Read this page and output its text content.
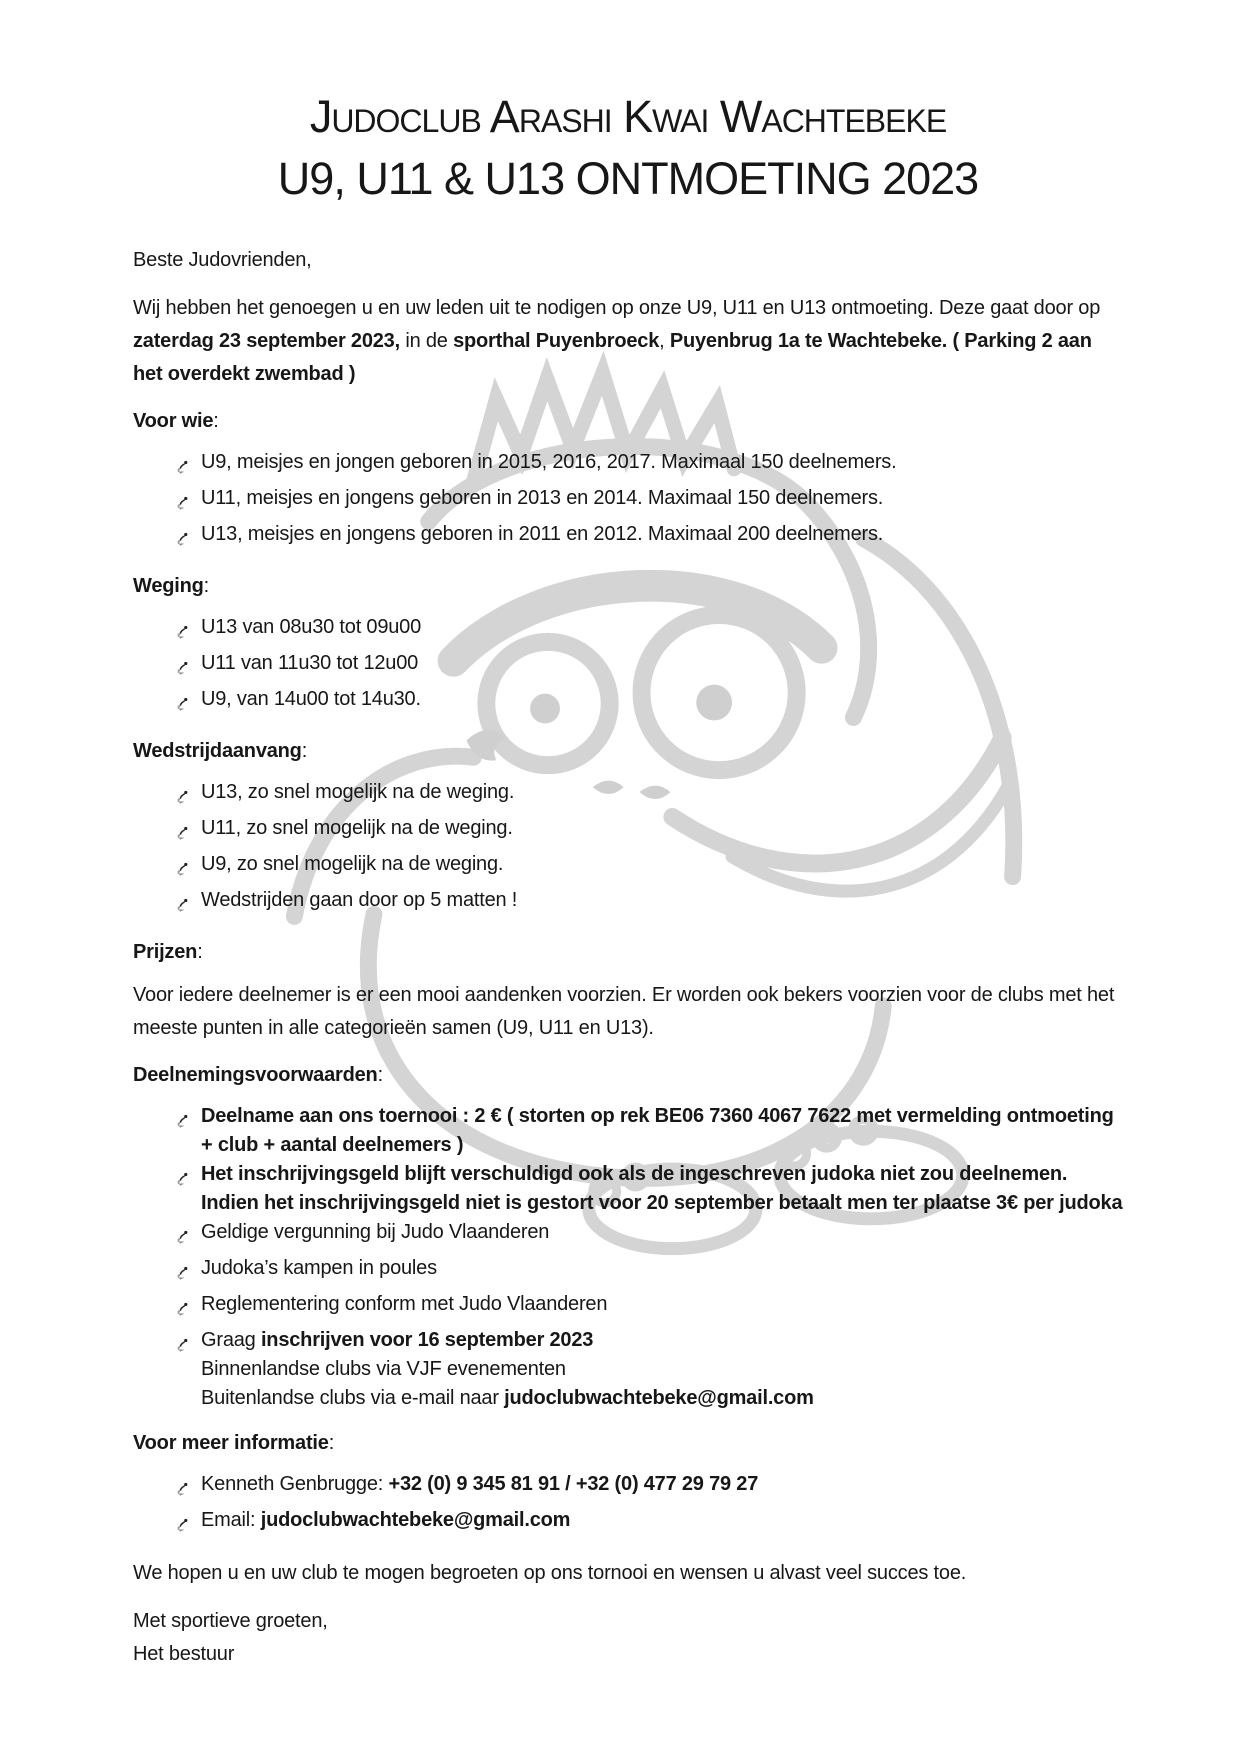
Judoclub Arashi Kwai Wachtebeke
U9, U11 & U13 ONTMOETING 2023

Beste Judovrienden,

Wij hebben het genoegen u en uw leden uit te nodigen op onze U9, U11 en U13 ontmoeting. Deze gaat door op zaterdag 23 september 2023, in de sporthal Puyenbroeck, Puyenbrug 1a te Wachtebeke. ( Parking 2 aan het overdekt zwembad )

Voor wie:
U9, meisjes en jongen geboren in 2015, 2016, 2017. Maximaal 150 deelnemers.
U11, meisjes en jongens geboren in 2013 en 2014. Maximaal 150 deelnemers.
U13, meisjes en jongens geboren in 2011 en 2012. Maximaal 200 deelnemers.
Weging:
U13 van 08u30 tot 09u00
U11 van 11u30 tot 12u00
U9, van 14u00 tot 14u30.
Wedstrijdaanvang:
U13, zo snel mogelijk na de weging.
U11, zo snel mogelijk na de weging.
U9, zo snel mogelijk na de weging.
Wedstrijden gaan door op 5 matten !
Prijzen:

Voor iedere deelnemer is er een mooi aandenken voorzien. Er worden ook bekers voorzien voor de clubs met het meeste punten in alle categorieën samen (U9, U11 en U13).

Deelnemingsvoorwaarden:
Deelname aan ons toernooi : 2 € ( storten op rek BE06 7360 4067 7622 met vermelding ontmoeting + club + aantal deelnemers )
Het inschrijvingsgeld blijft verschuldigd ook als de ingeschreven judoka niet zou deelnemen. Indien het inschrijvingsgeld niet is gestort voor 20 september betaalt men ter plaatse 3€ per judoka
Geldige vergunning bij Judo Vlaanderen
Judoka’s kampen in poules
Reglementering conform met Judo Vlaanderen
Graag inschrijven voor 16 september 2023
Binnenlandse clubs via VJF evenementen
Buitenlandse clubs via e-mail naar judoclubwachtebeke@gmail.com
Voor meer informatie:
Kenneth Genbrugge: +32 (0) 9 345 81 91 / +32 (0) 477 29 79 27
Email: judoclubwachtebeke@gmail.com

We hopen u en uw club te mogen begroeten op ons tornooi en wensen u alvast veel succes toe.

Met sportieve groeten,
Het bestuur
